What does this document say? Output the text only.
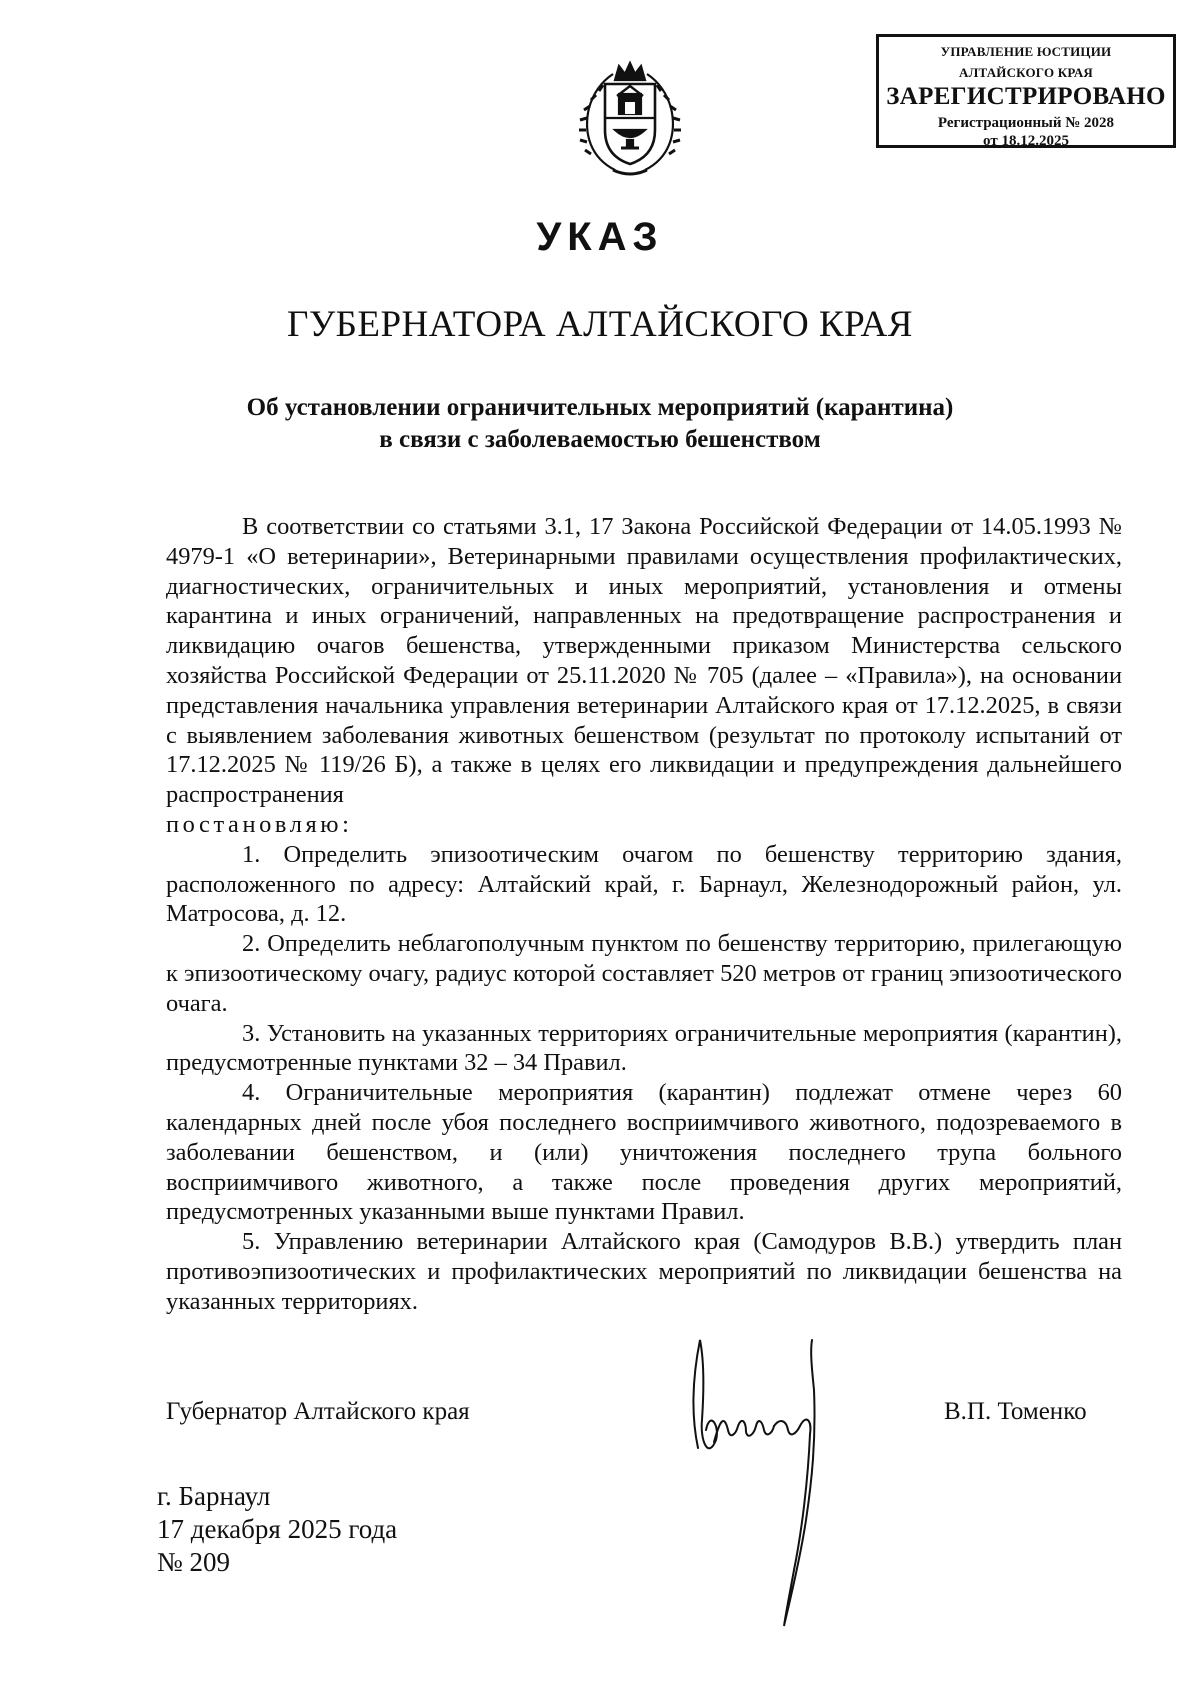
УПРАВЛЕНИЕ ЮСТИЦИИ
АЛТАЙСКОГО КРАЯ
ЗАРЕГИСТРИРОВАНО
Регистрационный № 2028
от 18.12.2025
УКАЗ
ГУБЕРНАТОРА АЛТАЙСКОГО КРАЯ
Об установлении ограничительных мероприятий (карантина)
в связи с заболеваемостью бешенством

В соответствии со статьями 3.1, 17 Закона Российской Федерации от 14.05.1993 № 4979-1 «О ветеринарии», Ветеринарными правилами осуществления профилактических, диагностических, ограничительных и иных мероприятий, установления и отмены карантина и иных ограничений, направленных на предотвращение распространения и ликвидацию очагов бешенства, утвержденными приказом Министерства сельского хозяйства Российской Федерации от 25.11.2020 № 705 (далее – «Правила»), на основании представления начальника управления ветеринарии Алтайского края от 17.12.2025, в связи с выявлением заболевания животных бешенством (результат по протоколу испытаний от 17.12.2025 № 119/26 Б), а также в целях его ликвидации и предупреждения дальнейшего распространения

постановляю:

1. Определить эпизоотическим очагом по бешенству территорию здания, расположенного по адресу: Алтайский край, г. Барнаул, Железнодорожный район, ул. Матросова, д. 12.

2. Определить неблагополучным пунктом по бешенству территорию, прилегающую к эпизоотическому очагу, радиус которой составляет 520 метров от границ эпизоотического очага.

3. Установить на указанных территориях ограничительные мероприятия (карантин), предусмотренные пунктами 32 – 34 Правил.

4. Ограничительные мероприятия (карантин) подлежат отмене через 60 календарных дней после убоя последнего восприимчивого животного, подозреваемого в заболевании бешенством, и (или) уничтожения последнего трупа больного восприимчивого животного, а также после проведения других мероприятий, предусмотренных указанными выше пунктами Правил.

5. Управлению ветеринарии Алтайского края (Самодуров В.В.) утвердить план противоэпизоотических и профилактических мероприятий по ликвидации бешенства на указанных территориях.

Губернатор Алтайского края	В.П. Томенко
г. Барнаул
17 декабря 2025 года
№ 209
